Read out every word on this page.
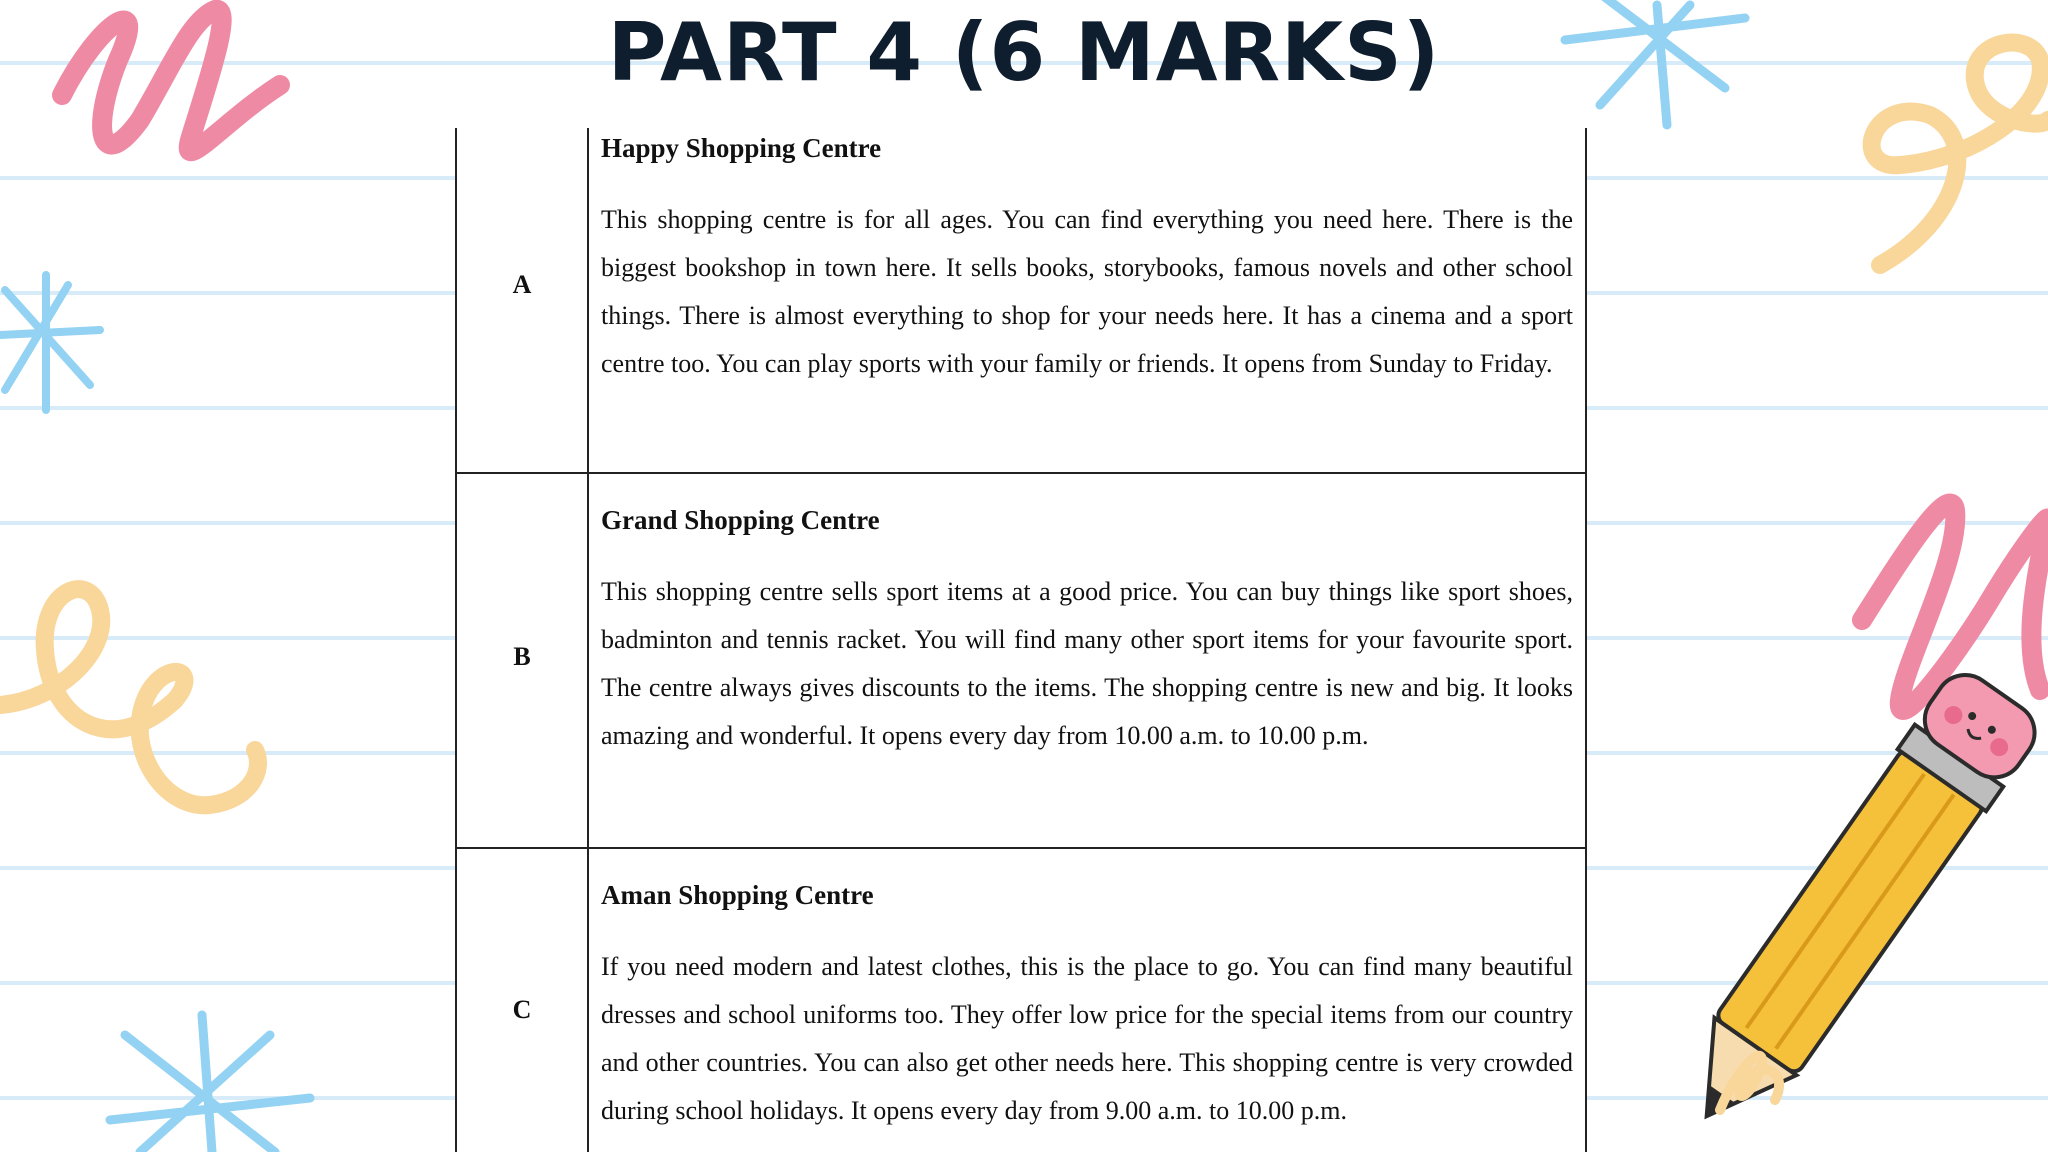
PART 4 (6 MARKS)
A
Happy Shopping Centre
This shopping centre is for all ages. You can find everything you need here. There is the biggest bookshop in town here. It sells books, storybooks, famous novels and other school things. There is almost everything to shop for your needs here. It has a cinema and a sport centre too. You can play sports with your family or friends. It opens from Sunday to Friday.
B
Grand Shopping Centre
This shopping centre sells sport items at a good price. You can buy things like sport shoes, badminton and tennis racket. You will find many other sport items for your favourite sport. The centre always gives discounts to the items. The shopping centre is new and big. It looks amazing and wonderful. It opens every day from 10.00 a.m. to 10.00 p.m.
C
Aman Shopping Centre
If you need modern and latest clothes, this is the place to go. You can find many beautiful dresses and school uniforms too. They offer low price for the special items from our country and other countries. You can also get other needs here. This shopping centre is very crowded during school holidays. It opens every day from 9.00 a.m. to 10.00 p.m.
